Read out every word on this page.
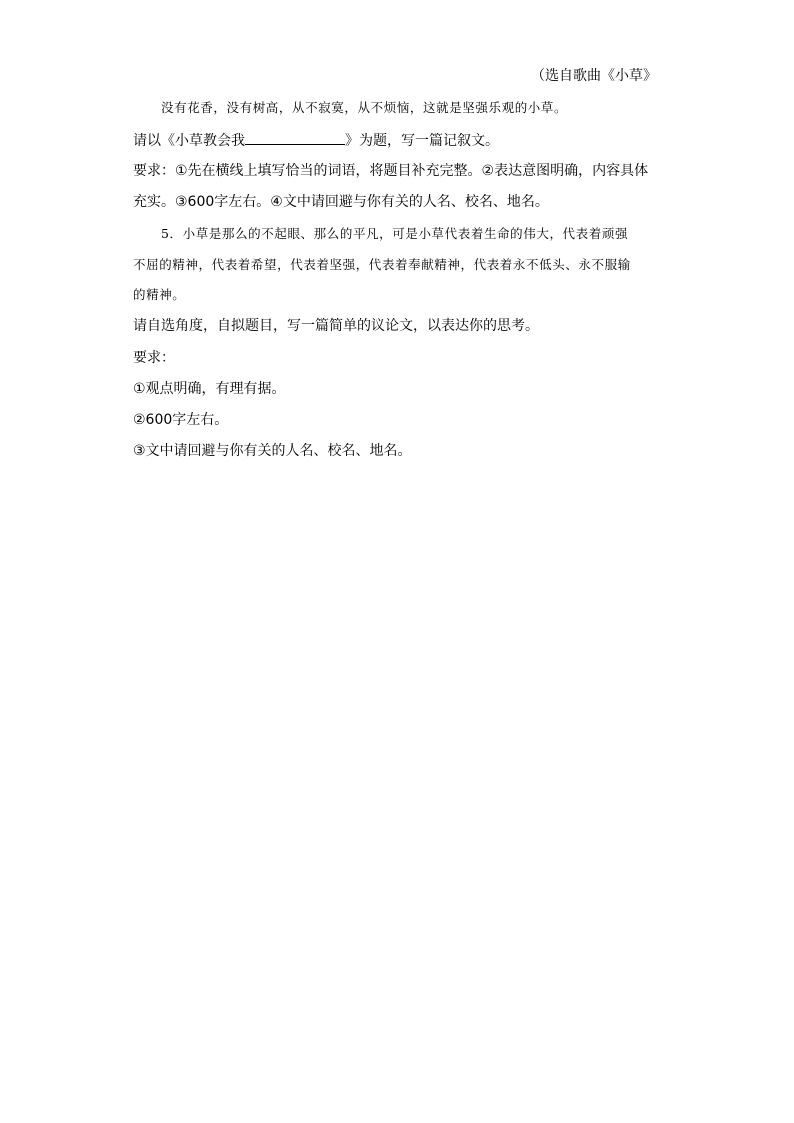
（选自歌曲《小草》
没有花香，没有树高，从不寂寞，从不烦恼，这就是坚强乐观的小草。
请以《小草教会我	》为题，写一篇记叙文。
要求：①先在横线上填写恰当的词语，将题目补充完整。②表达意图明确，内容具体
充实。③600字左右。④文中请回避与你有关的人名、校名、地名。
5．小草是那么的不起眼、那么的平凡，可是小草代表着生命的伟大，代表着顽强
不屈的精神，代表着希望，代表着坚强，代表着奉献精神，代表着永不低头、永不服输
的精神。
请自选角度，自拟题目，写一篇简单的议论文，以表达你的思考。
要求：
①观点明确，有理有据。
②600字左右。
③文中请回避与你有关的人名、校名、地名。
